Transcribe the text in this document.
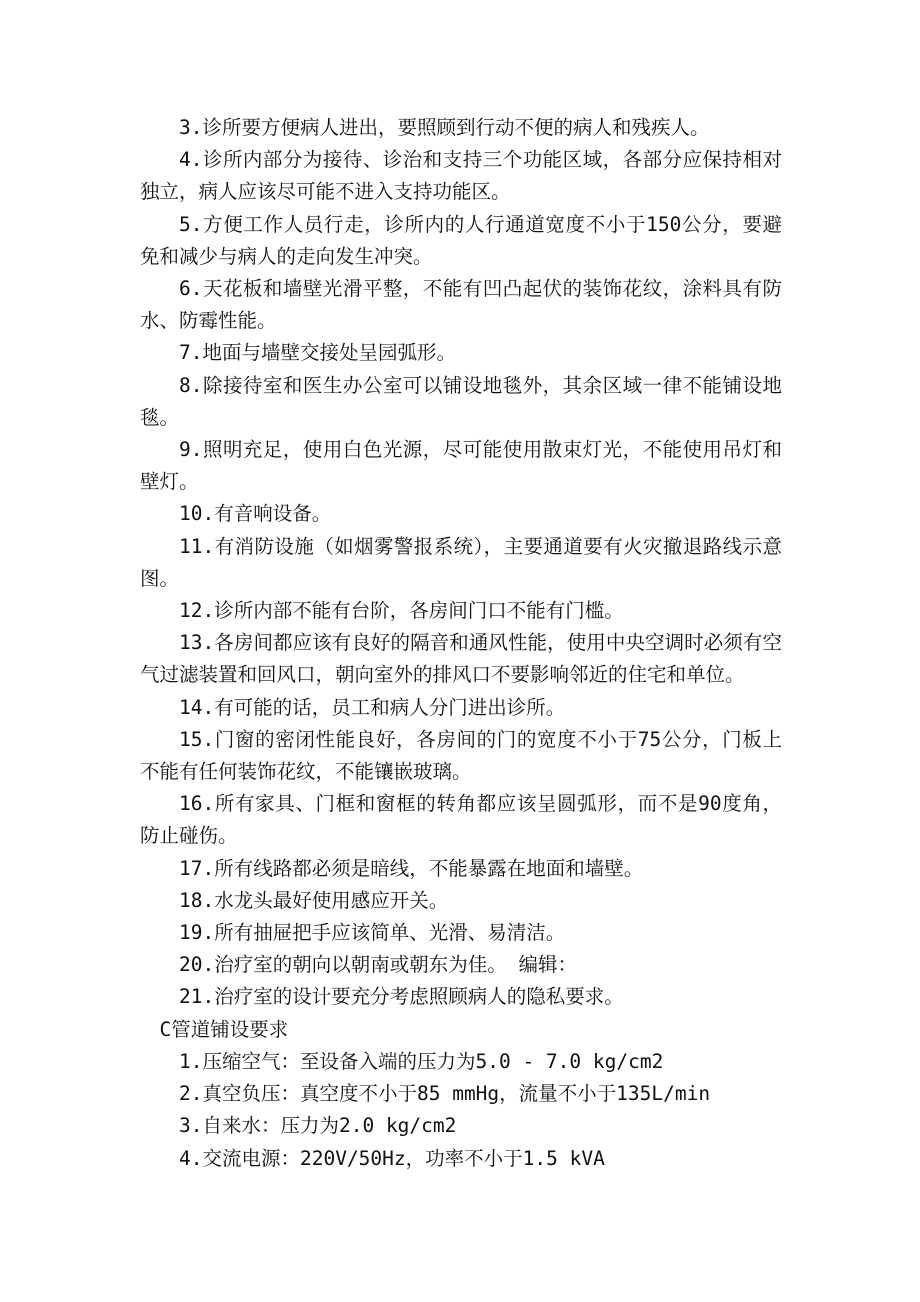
3.诊所要方便病人进出，要照顾到行动不便的病人和残疾人。

4.诊所内部分为接待、诊治和支持三个功能区域，各部分应保持相对独立，病人应该尽可能不进入支持功能区。

5.方便工作人员行走，诊所内的人行通道宽度不小于150公分，要避免和减少与病人的走向发生冲突。

6.天花板和墙壁光滑平整，不能有凹凸起伏的装饰花纹，涂料具有防水、防霉性能。

7.地面与墙壁交接处呈园弧形。

8.除接待室和医生办公室可以铺设地毯外，其余区域一律不能铺设地毯。

9.照明充足，使用白色光源，尽可能使用散束灯光，不能使用吊灯和壁灯。

10.有音响设备。

11.有消防设施（如烟雾警报系统），主要通道要有火灾撤退路线示意图。

12.诊所内部不能有台阶，各房间门口不能有门槛。

13.各房间都应该有良好的隔音和通风性能，使用中央空调时必须有空气过滤装置和回风口，朝向室外的排风口不要影响邻近的住宅和单位。

14.有可能的话，员工和病人分门进出诊所。

15.门窗的密闭性能良好，各房间的门的宽度不小于75公分，门板上不能有任何装饰花纹，不能镶嵌玻璃。

16.所有家具、门框和窗框的转角都应该呈圆弧形，而不是90度角，防止碰伤。

17.所有线路都必须是暗线，不能暴露在地面和墙壁。

18.水龙头最好使用感应开关。

19.所有抽屉把手应该简单、光滑、易清洁。

20.治疗室的朝向以朝南或朝东为佳。 编辑：

21.治疗室的设计要充分考虑照顾病人的隐私要求。

C管道铺设要求

1.压缩空气：至设备入端的压力为5.0 - 7.0 kg/cm2

2.真空负压：真空度不小于85 mmHg，流量不小于135L/min

3.自来水：压力为2.0 kg/cm2

4.交流电源：220V/50Hz，功率不小于1.5 kVA
